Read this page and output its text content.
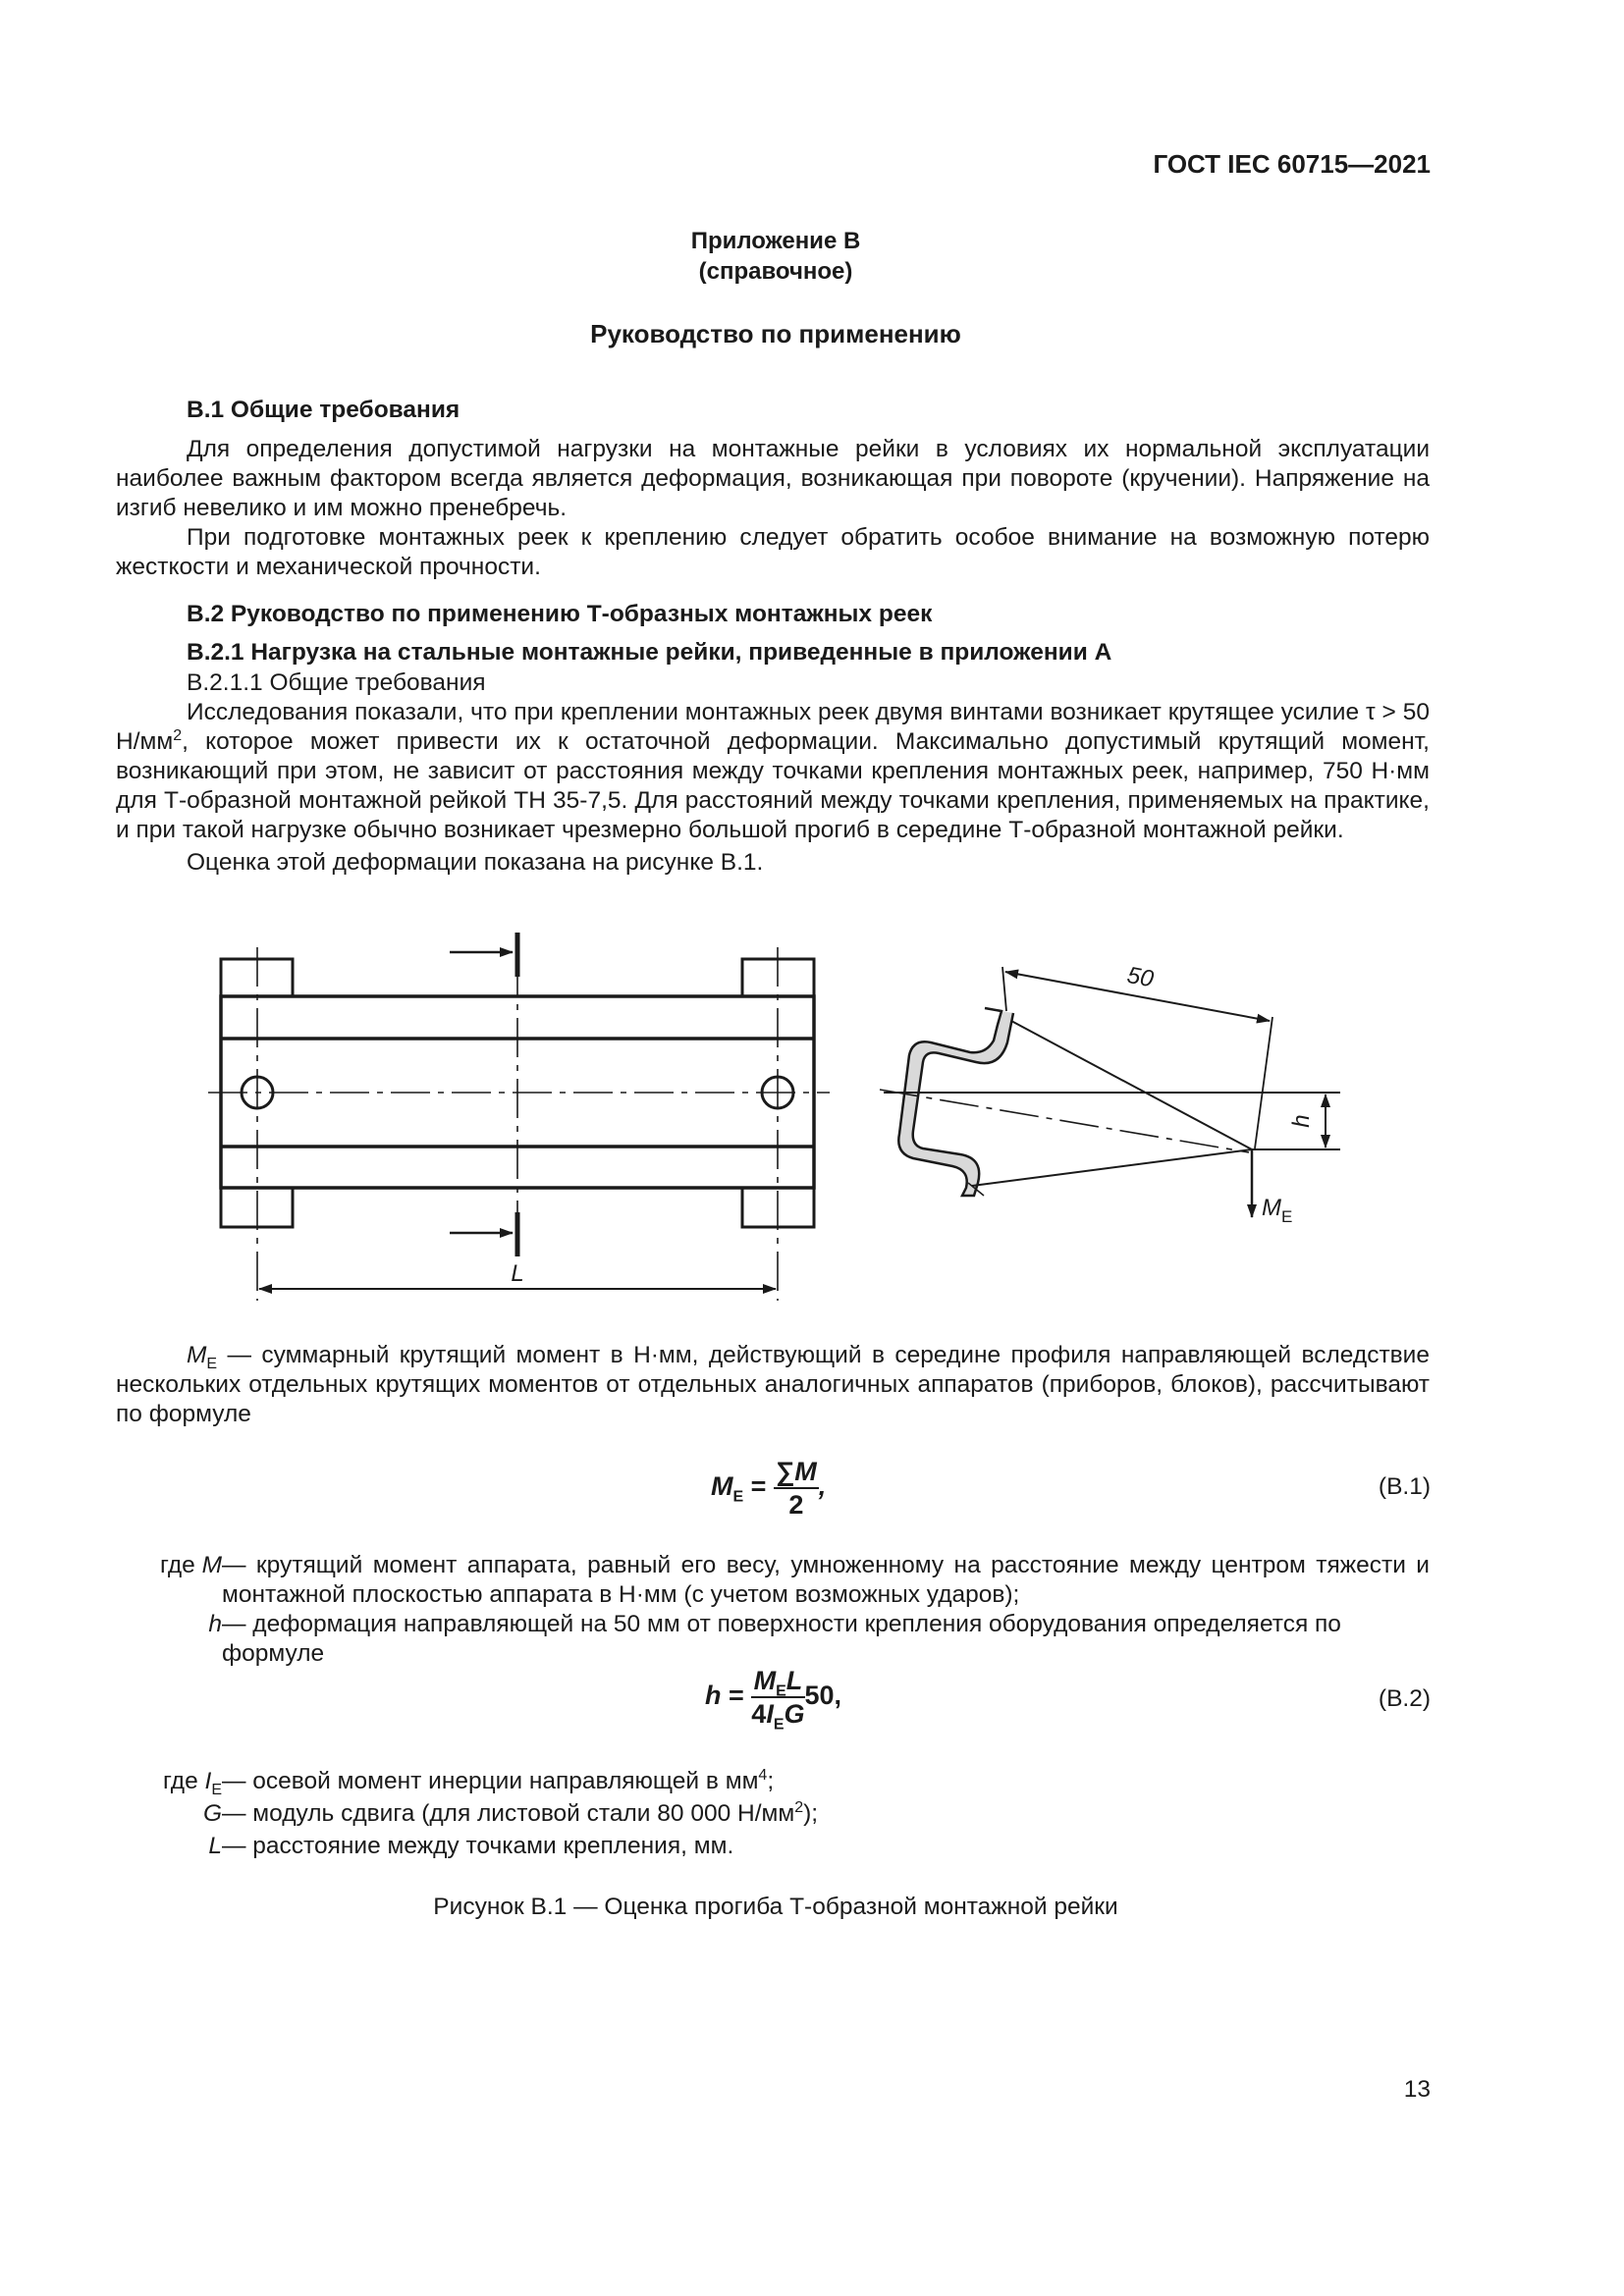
ГОСТ IEC 60715—2021
Приложение В
(справочное)
Руководство по применению
В.1 Общие требования
Для определения допустимой нагрузки на монтажные рейки в условиях их нормальной эксплуатации наиболее важным фактором всегда является деформация, возникающая при повороте (кручении). Напряжение на изгиб невелико и им можно пренебречь.
При подготовке монтажных реек к креплению следует обратить особое внимание на возможную потерю жесткости и механической прочности.
В.2 Руководство по применению Т-образных монтажных реек
В.2.1 Нагрузка на стальные монтажные рейки, приведенные в приложении А
В.2.1.1 Общие требования
Исследования показали, что при креплении монтажных реек двумя винтами возникает крутящее усилие τ > 50 $Н/мм^2$, которое может привести их к остаточной деформации. Максимально допустимый крутящий момент, возникающий при этом, не зависит от расстояния между точками крепления монтажных реек, например, 750 Н·мм для Т-образной монтажной рейкой ТН 35-7,5. Для расстояний между точками крепления, применяемых на практике, и при такой нагрузке обычно возникает чрезмерно большой прогиб в середине Т-образной монтажной рейки.
Оценка этой деформации показана на рисунке В.1.
L
50
h
$M_E$
$M_E$ — суммарный крутящий момент в Н·мм, действующий в середине профиля направляющей вследствие нескольких отдельных крутящих моментов от отдельных аналогичных аппаратов (приборов, блоков), рассчитывают по формуле
$M_E = \frac{\sum M}{2}$ ,	(В.1)
где M — крутящий момент аппарата, равный его весу, умноженному на расстояние между центром тяжести и монтажной плоскостью аппарата в Н·мм (с учетом возможных ударов);
h — деформация направляющей на 50 мм от поверхности крепления оборудования определяется по формуле
$h = \frac{M_EL}{4I_EG} 50$,	(В.2)
где $I_E$ — осевой момент инерции направляющей в $мм^4$;
G — модуль сдвига (для листовой стали 80 000 $Н/мм^2$);
L — расстояние между точками крепления, мм.
Рисунок В.1 — Оценка прогиба Т-образной монтажной рейки
13
